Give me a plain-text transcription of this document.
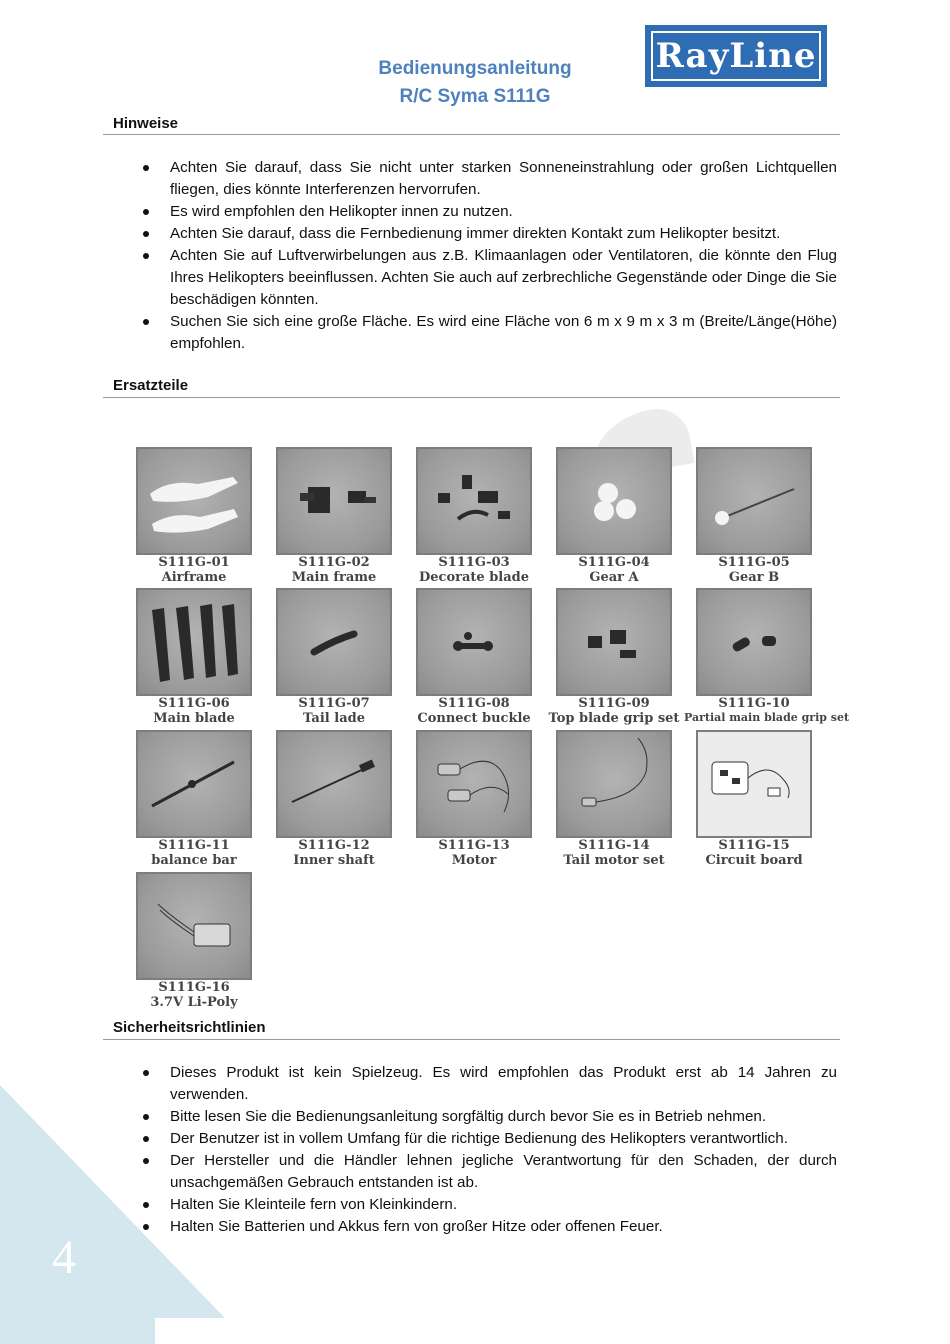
4
Bedienungsanleitung
R/C Syma S111G
RayLine
Hinweise
Achten Sie darauf, dass Sie nicht unter starken Sonneneinstrahlung oder großen Lichtquellen fliegen, dies könnte Interferenzen hervorrufen.
Es wird empfohlen den Helikopter innen zu nutzen.
Achten Sie darauf, dass die Fernbedienung immer direkten Kontakt zum Helikopter besitzt.
Achten Sie auf Luftverwirbelungen aus z.B. Klimaanlagen oder Ventilatoren, die könnte den Flug Ihres Helikopters beeinflussen. Achten Sie auch auf zerbrechliche Gegenstände oder Dinge die Sie beschädigen könnten.
Suchen Sie sich eine große Fläche. Es wird eine Fläche von 6 m x 9 m x 3 m (Breite/Länge(Höhe) empfohlen.
Ersatzteile
S111G-01
Airframe
S111G-02
Main frame
S111G-03
Decorate blade
S111G-04
Gear A
S111G-05
Gear B
S111G-06
Main blade
S111G-07
Tail lade
S111G-08
Connect buckle
S111G-09
Top blade grip set
S111G-10
Partial main blade grip set
S111G-11
balance bar
S111G-12
Inner shaft
S111G-13
Motor
S111G-14
Tail motor set
S111G-15
Circuit board
S111G-16
3.7V Li-Poly
Sicherheitsrichtlinien
Dieses Produkt ist kein Spielzeug. Es wird empfohlen das Produkt erst ab 14 Jahren zu verwenden.
Bitte lesen Sie die Bedienungsanleitung sorgfältig durch bevor Sie es in Betrieb nehmen.
Der Benutzer ist in vollem Umfang für die richtige Bedienung des Helikopters verantwortlich.
Der Hersteller und die Händler lehnen jegliche Verantwortung für den Schaden, der durch unsachgemäßen Gebrauch entstanden ist ab.
Halten Sie Kleinteile fern von Kleinkindern.
Halten Sie Batterien und Akkus fern von großer Hitze oder offenen Feuer.
